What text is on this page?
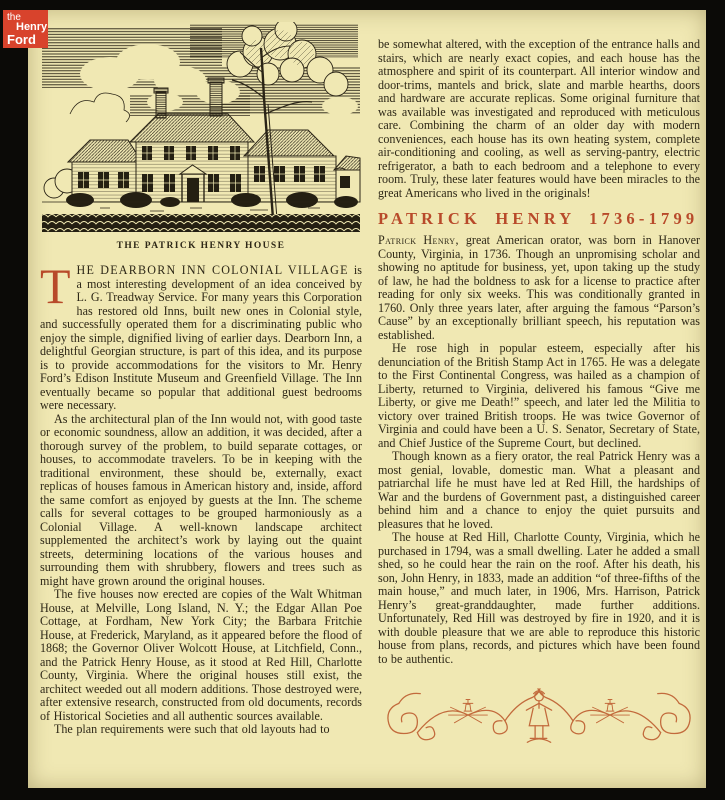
the
Henry
Ford
THE PATRICK HENRY HOUSE

THE DEARBORN INN COLONIAL VILLAGE is a most interesting development of an idea conceived by L. G. Treadway Service. For many years this Corporation has restored old Inns, built new ones in Colonial style, and successfully operated them for a discriminating public who enjoy the simple, dignified living of earlier days. Dearborn Inn, a delightful Georgian structure, is part of this idea, and its purpose is to provide accommodations for the visitors to Mr. Henry Ford’s Edison Institute Museum and Greenfield Village. The Inn eventually became so popular that additional guest bedrooms were necessary.

As the architectural plan of the Inn would not, with good taste or economic soundness, allow an addition, it was decided, after a thorough survey of the problem, to build separate cottages, or houses, to accommodate travelers. To be in keeping with the traditional environment, these should be, externally, exact replicas of houses famous in American history and, inside, afford the same comfort as enjoyed by guests at the Inn. The scheme calls for several cottages to be grouped harmoniously as a Colonial Village. A well-known landscape architect supplemented the architect’s work by laying out the quaint streets, determining locations of the various houses and surrounding them with shrubbery, flowers and trees such as might have grown around the original houses.

The five houses now erected are copies of the Walt Whitman House, at Melville, Long Island, N. Y.; the Edgar Allan Poe Cottage, at Fordham, New York City; the Barbara Fritchie House, at Frederick, Maryland, as it appeared before the flood of 1868; the Governor Oliver Wolcott House, at Litchfield, Conn., and the Patrick Henry House, as it stood at Red Hill, Charlotte County, Virginia. Where the original houses still exist, the architect weeded out all modern additions. Those destroyed were, after extensive research, constructed from old documents, records of Historical Societies and all authentic sources available.

The plan requirements were such that old layouts had to

be somewhat altered, with the exception of the entrance halls and stairs, which are nearly exact copies, and each house has the atmosphere and spirit of its counterpart. All interior window and door-trims, mantels and brick, slate and marble hearths, doors and hardware are accurate replicas. Some original furniture that was available was investigated and reproduced with meticulous care. Combining the charm of an older day with modern conveniences, each house has its own heating system, complete air-conditioning and cooling, as well as serving-pantry, electric refrigerator, a bath to each bedroom and a telephone to every room. Truly, these later features would have been miracles to the great Americans who lived in the originals!

PATRICK HENRY 1736-1799

Patrick Henry, great American orator, was born in Hanover County, Virginia, in 1736. Though an unpromising scholar and showing no aptitude for business, yet, upon taking up the study of law, he had the boldness to ask for a license to practice after reading for only six weeks. This was conditionally granted in 1760. Only three years later, after arguing the famous “Parson’s Cause” by an exceptionally brilliant speech, his reputation was established.

He rose high in popular esteem, especially after his denunciation of the British Stamp Act in 1765. He was a delegate to the First Continental Congress, was hailed as a champion of Liberty, returned to Virginia, delivered his famous “Give me Liberty, or give me Death!” speech, and later led the Militia to victory over trained British troops. He was twice Governor of Virginia and could have been a U. S. Senator, Secretary of State, and Chief Justice of the Supreme Court, but declined.

Though known as a fiery orator, the real Patrick Henry was a most genial, lovable, domestic man. What a pleasant and patriarchal life he must have led at Red Hill, the hardships of War and the burdens of Government past, a distinguished career behind him and a chance to enjoy the quiet pursuits and pleasures that he loved.

The house at Red Hill, Charlotte County, Virginia, which he purchased in 1794, was a small dwelling. Later he added a small shed, so he could hear the rain on the roof. After his death, his son, John Henry, in 1833, made an addition “of three-fifths of the main house,” and much later, in 1906, Mrs. Harrison, Patrick Henry’s great-granddaughter, made further additions. Unfortunately, Red Hill was destroyed by fire in 1920, and it is with double pleasure that we are able to reproduce this historic house from plans, records, and pictures which have been found to be authentic.
